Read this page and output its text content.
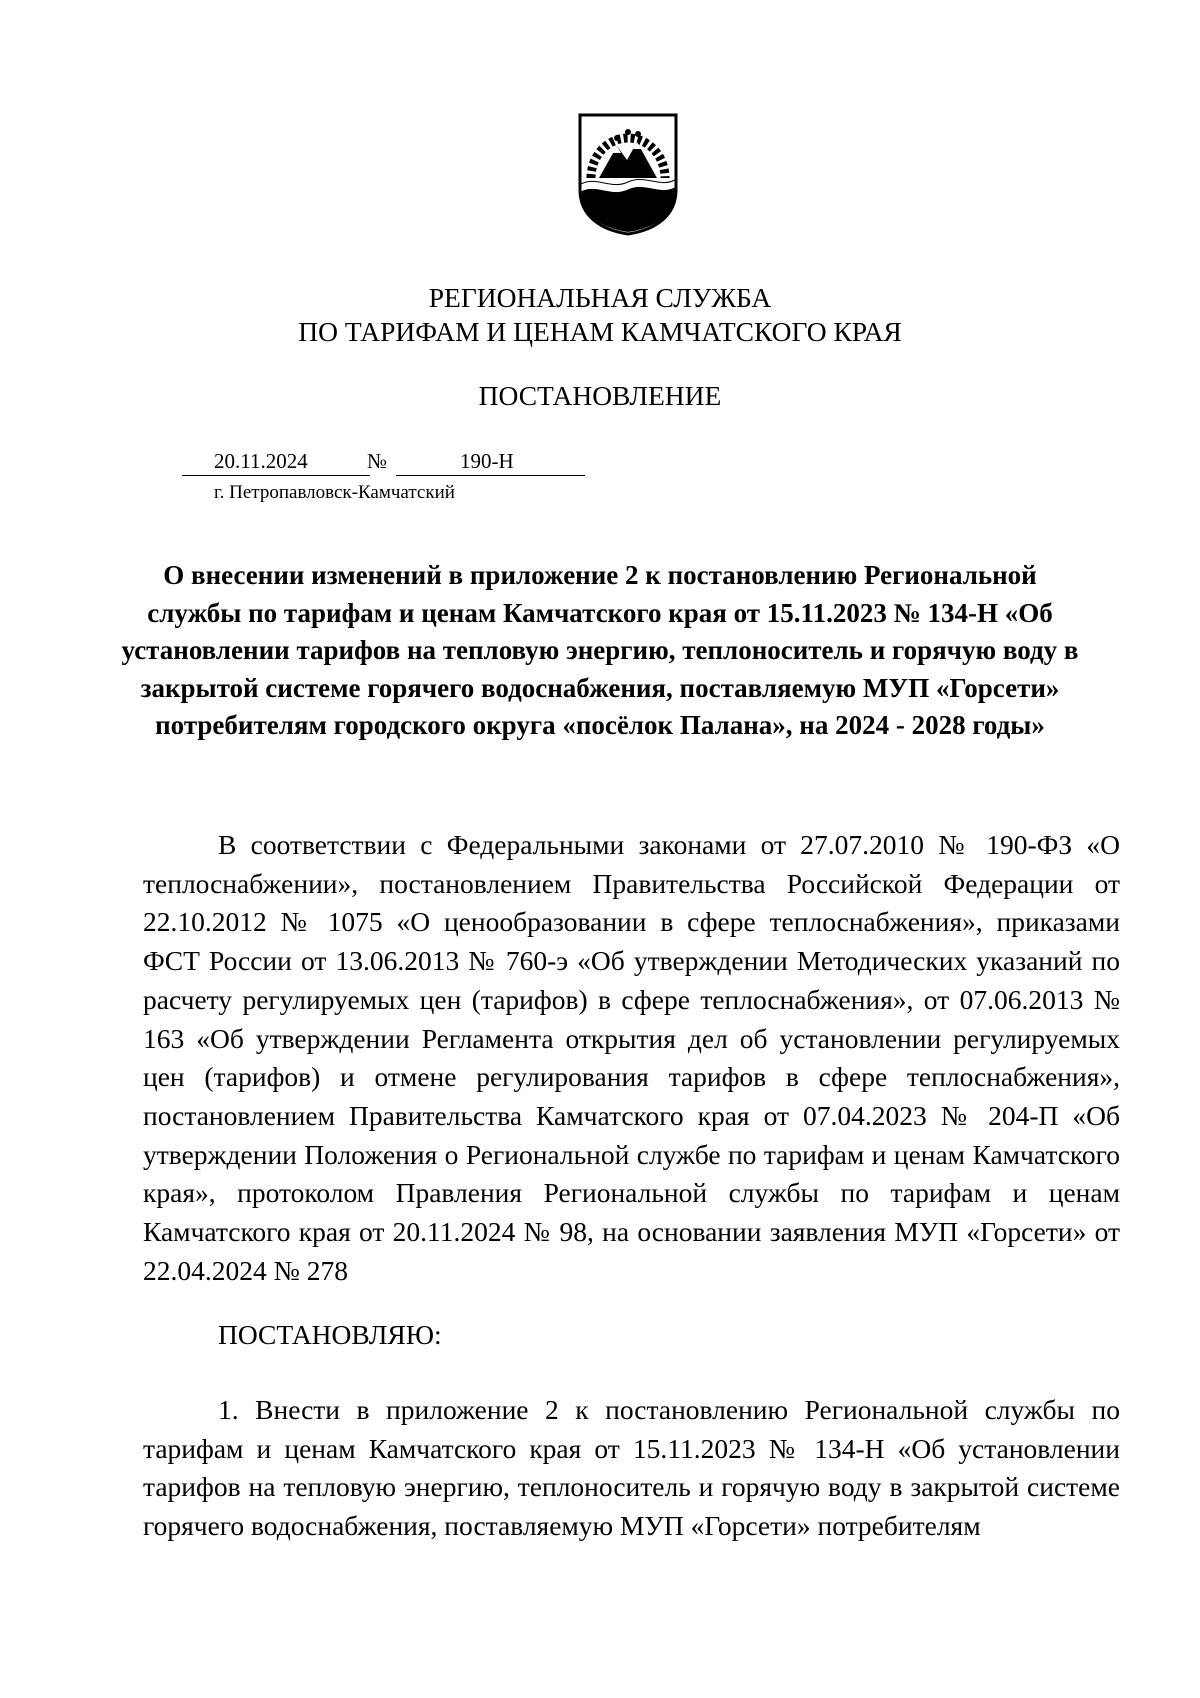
РЕГИОНАЛЬНАЯ СЛУЖБА
ПО ТАРИФАМ И ЦЕНАМ КАМЧАТСКОГО КРАЯ
ПОСТАНОВЛЕНИЕ
20.11.2024	№	190-Н
г. Петропавловск-Камчатский
О внесении изменений в приложение 2 к постановлению Региональной службы по тарифам и ценам Камчатского края от 15.11.2023 № 134-Н «Об установлении тарифов на тепловую энергию, теплоноситель и горячую воду в закрытой системе горячего водоснабжения, поставляемую МУП «Горсети» потребителям городского округа «посёлок Палана», на 2024 - 2028 годы»

В соответствии с Федеральными законами от 27.07.2010 № 190-ФЗ «О теплоснабжении», постановлением Правительства Российской Федерации от 22.10.2012 № 1075 «О ценообразовании в сфере теплоснабжения», приказами ФСТ России от 13.06.2013 № 760-э «Об утверждении Методических указаний по расчету регулируемых цен (тарифов) в сфере теплоснабжения», от 07.06.2013 № 163 «Об утверждении Регламента открытия дел об установлении регулируемых цен (тарифов) и отмене регулирования тарифов в сфере теплоснабжения», постановлением Правительства Камчатского края от 07.04.2023 № 204-П «Об утверждении Положения о Региональной службе по тарифам и ценам Камчатского края», протоколом Правления Региональной службы по тарифам и ценам Камчатского края от 20.11.2024 № 98, на основании заявления МУП «Горсети» от 22.04.2024 № 278

ПОСТАНОВЛЯЮ:

1. Внести в приложение 2 к постановлению Региональной службы по тарифам и ценам Камчатского края от 15.11.2023 № 134-Н «Об установлении тарифов на тепловую энергию, теплоноситель и горячую воду в закрытой системе горячего водоснабжения, поставляемую МУП «Горсети» потребителям
